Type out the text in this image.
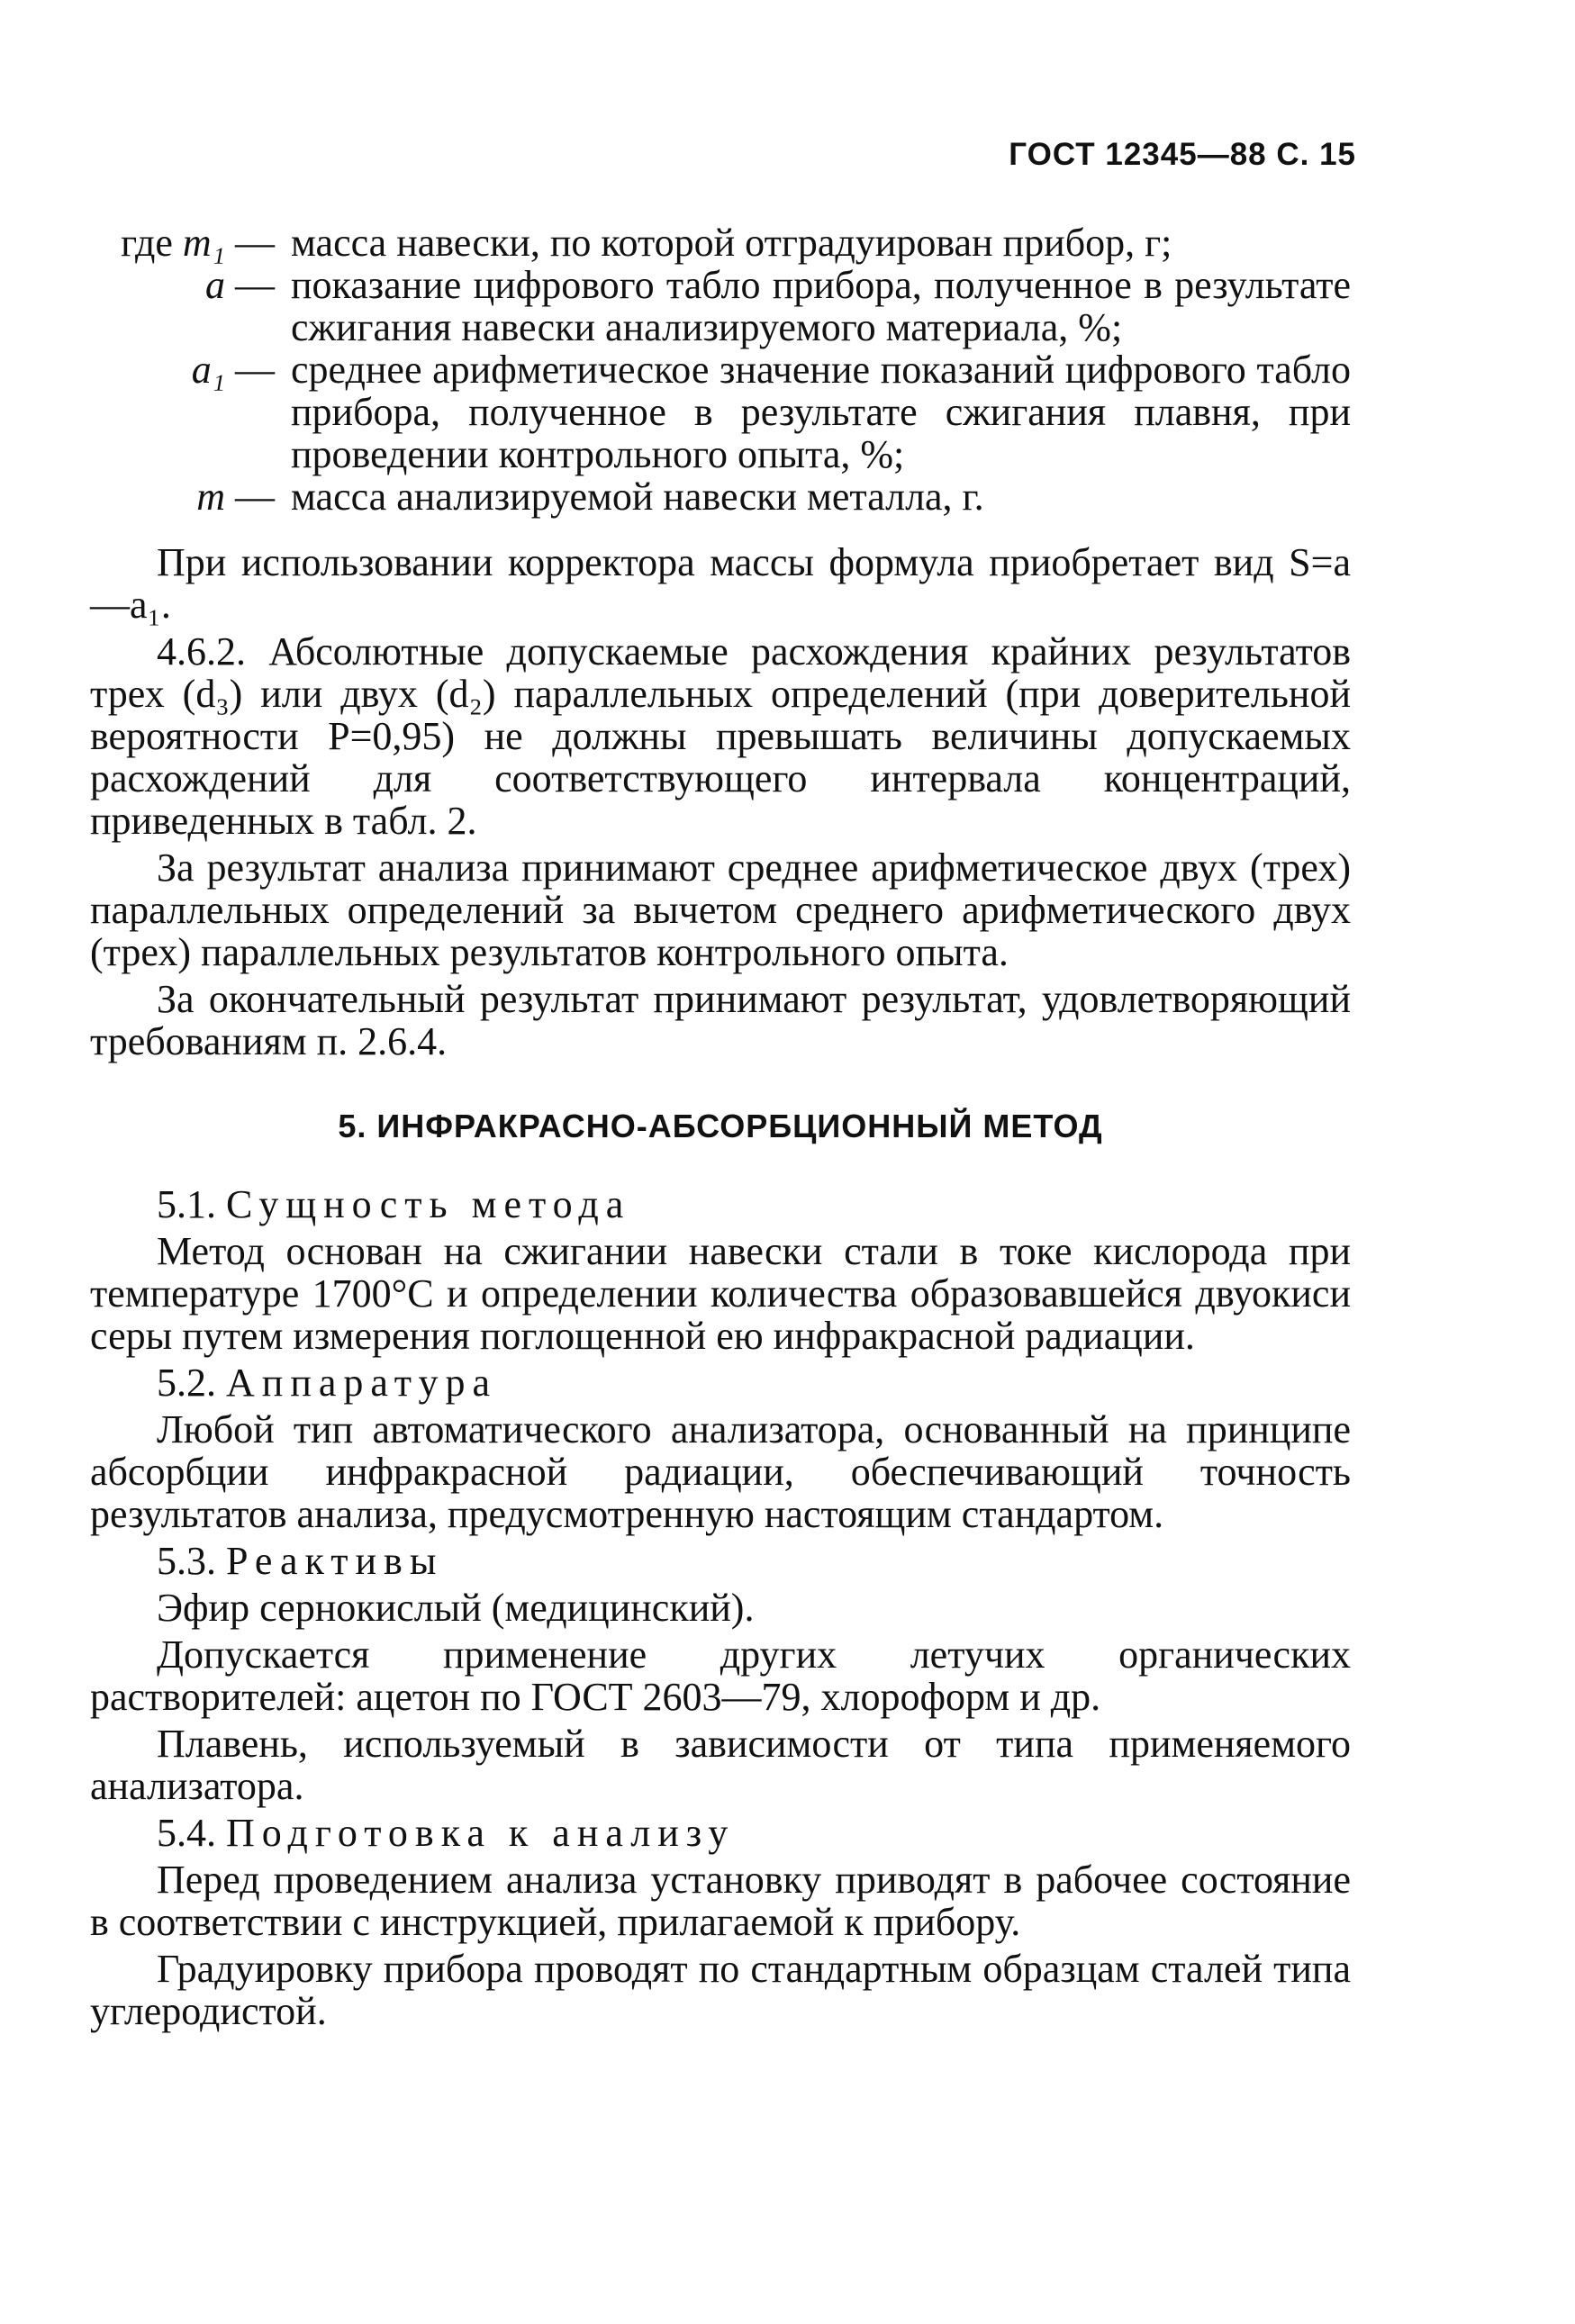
ГОСТ 12345—88 С. 15
где m₁ — масса навески, по которой отградуирован прибор, г;
a — показание цифрового табло прибора, полученное в результате сжигания навески анализируемого материала, %;
a₁ — среднее арифметическое значение показаний цифрового табло прибора, полученное в результате сжигания плавня, при проведении контрольного опыта, %;
m — масса анализируемой навески металла, г.

При использовании корректора массы формула приобретает вид S=a—a₁.

4.6.2. Абсолютные допускаемые расхождения крайних результатов трех (d₃) или двух (d₂) параллельных определений (при доверительной вероятности P=0,95) не должны превышать величины допускаемых расхождений для соответствующего интервала концентраций, приведенных в табл. 2.

За результат анализа принимают среднее арифметическое двух (трех) параллельных определений за вычетом среднего арифметического двух (трех) параллельных результатов контрольного опыта.

За окончательный результат принимают результат, удовлетворяющий требованиям п. 2.6.4.

5. ИНФРАКРАСНО-АБСОРБЦИОННЫЙ МЕТОД
5.1. Сущность метода

Метод основан на сжигании навески стали в токе кислорода при температуре 1700°С и определении количества образовавшейся двуокиси серы путем измерения поглощенной ею инфракрасной радиации.

5.2. Аппаратура

Любой тип автоматического анализатора, основанный на принципе абсорбции инфракрасной радиации, обеспечивающий точность результатов анализа, предусмотренную настоящим стандартом.

5.3. Реактивы

Эфир сернокислый (медицинский).

Допускается применение других летучих органических растворителей: ацетон по ГОСТ 2603—79, хлороформ и др.

Плавень, используемый в зависимости от типа применяемого анализатора.

5.4. Подготовка к анализу

Перед проведением анализа установку приводят в рабочее состояние в соответствии с инструкцией, прилагаемой к прибору.

Градуировку прибора проводят по стандартным образцам сталей типа углеродистой.
